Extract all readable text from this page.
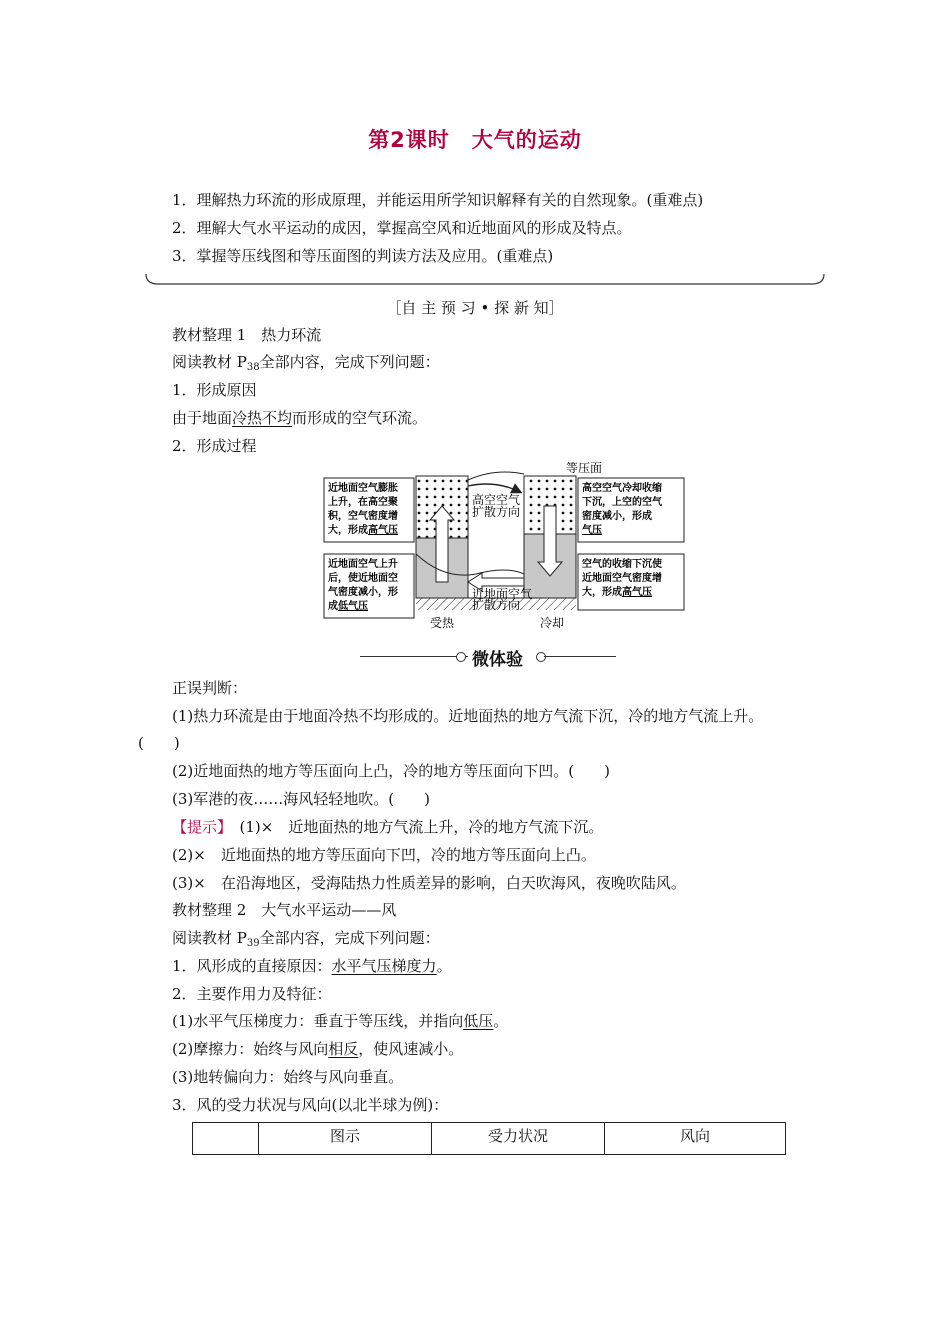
第2课时　大气的运动
1．理解热力环流的形成原理，并能运用所学知识解释有关的自然现象。(重难点)
2．理解大气水平运动的成因，掌握高空风和近地面风的形成及特点。
3．掌握等压线图和等压面图的判读方法及应用。(重难点)
［自 主 预 习 • 探 新 知］
教材整理 1　热力环流
阅读教材 $P_{38}$全部内容，完成下列问题：
1．形成原因
由于地面冷热不均而形成的空气环流。
2．形成过程
高空空气
扩散方向
近地面空气
扩散方向
等压面
受热	冷却
近地面空气膨胀 上升，在高空聚 积，空气密度增 大，形成高气压
近地面空气上升 后，使近地面空 气密度减小，形 成低气压
高空空气冷却收缩 下沉，上空的空气 密度减小，形成 气压
空气的收缩下沉使 近地面空气密度增 大，形成高气压
微体验
正误判断：
(1)热力环流是由于地面冷热不均形成的。近地面热的地方气流下沉，冷的地方气流上升。
(　　)
(2)近地面热的地方等压面向上凸，冷的地方等压面向下凹。(　　)
(3)军港的夜……海风轻轻地吹。(　　)
【提示】　(1)×　近地面热的地方气流上升，冷的地方气流下沉。
(2)×　近地面热的地方等压面向下凹，冷的地方等压面向上凸。
(3)×　在沿海地区，受海陆热力性质差异的影响，白天吹海风，夜晚吹陆风。
教材整理 2　大气水平运动——风
阅读教材 $P_{39}$全部内容，完成下列问题：
1．风形成的直接原因：水平气压梯度力。
2．主要作用力及特征：
(1)水平气压梯度力：垂直于等压线，并指向低压。
(2)摩擦力：始终与风向相反，使风速减小。
(3)地转偏向力：始终与风向垂直。
3．风的受力状况与风向(以北半球为例)：
	图示	受力状况	风向
